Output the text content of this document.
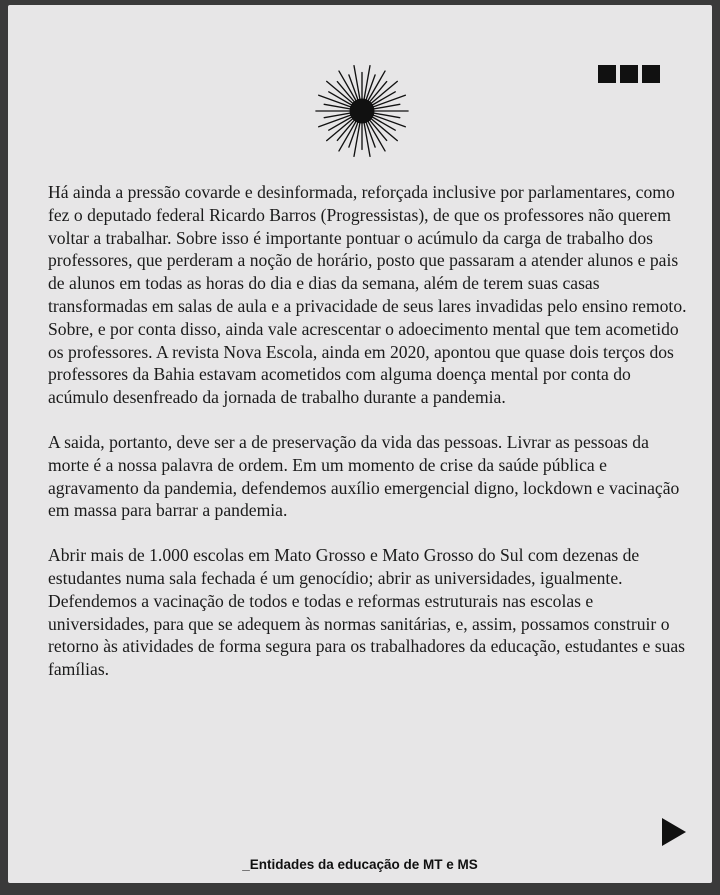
Há ainda a pressão covarde e desinformada, reforçada inclusive por parlamentares, como fez o deputado federal Ricardo Barros (Progressistas), de que os professores não querem voltar a trabalhar. Sobre isso é importante pontuar o acúmulo da carga de trabalho dos professores, que perderam a noção de horário, posto que passaram a atender alunos e pais de alunos em todas as horas do dia e dias da semana, além de terem suas casas transformadas em salas de aula e a privacidade de seus lares invadidas pelo ensino remoto. Sobre, e por conta disso, ainda vale acrescentar o adoecimento mental que tem acometido os professores. A revista Nova Escola, ainda em 2020, apontou que quase dois terços dos professores da Bahia estavam acometidos com alguma doença mental por conta do acúmulo desenfreado da jornada de trabalho durante a pandemia.

A saida, portanto, deve ser a de preservação da vida das pessoas. Livrar as pessoas da morte é a nossa palavra de ordem. Em um momento de crise da saúde pública e agravamento da pandemia, defendemos auxílio emergencial digno, lockdown e vacinação em massa para barrar a pandemia.

Abrir mais de 1.000 escolas em Mato Grosso e Mato Grosso do Sul com dezenas de estudantes numa sala fechada é um genocídio; abrir as universidades, igualmente. Defendemos a vacinação de todos e todas e reformas estruturais nas escolas e universidades, para que se adequem às normas sanitárias, e, assim, possamos construir o retorno às atividades de forma segura para os trabalhadores da educação, estudantes e suas famílias.

_Entidades da educação de MT e MS
